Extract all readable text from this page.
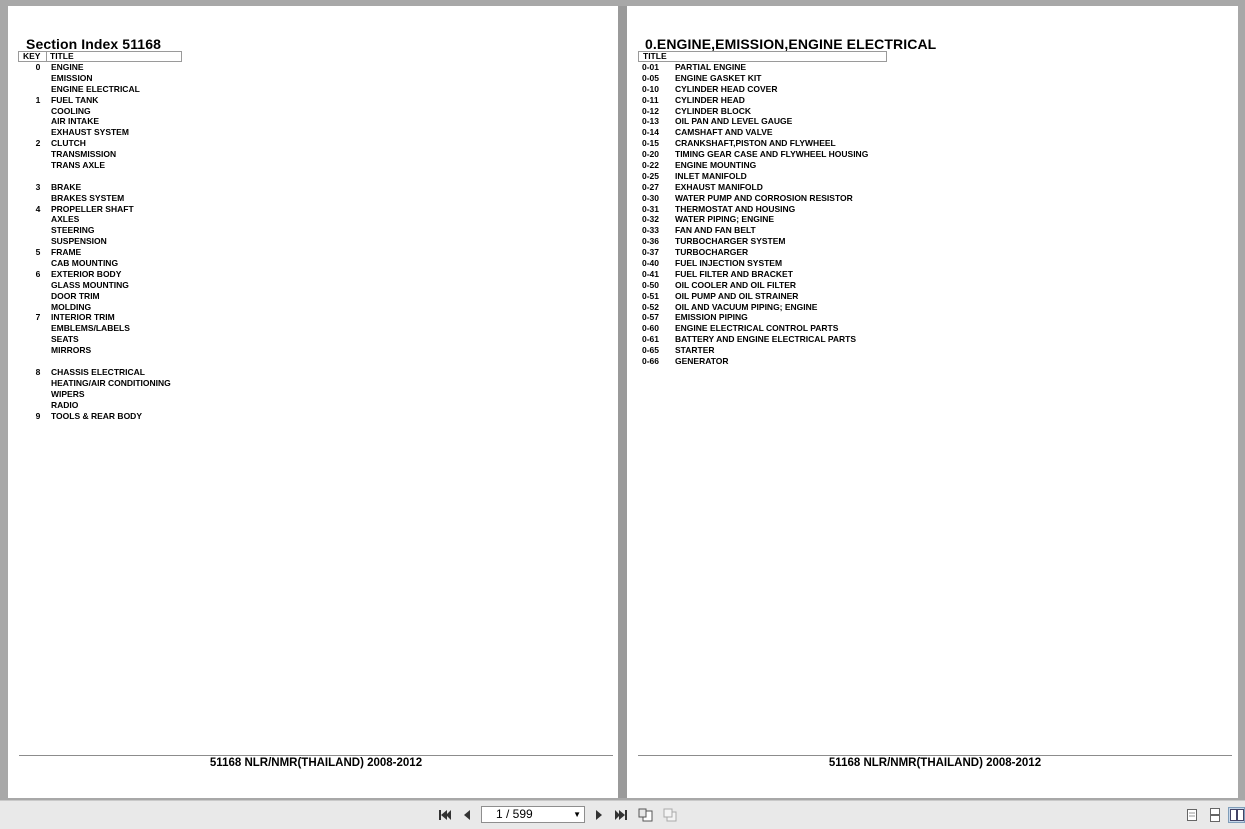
Section Index 51168
KEY TITLE
0	ENGINE
EMISSION
ENGINE ELECTRICAL
1	FUEL TANK
COOLING
AIR INTAKE
EXHAUST SYSTEM
2	CLUTCH
TRANSMISSION
TRANS AXLE
3	BRAKE
BRAKES SYSTEM
4	PROPELLER SHAFT
AXLES
STEERING
SUSPENSION
5	FRAME
CAB MOUNTING
6	EXTERIOR BODY
GLASS MOUNTING
DOOR TRIM
MOLDING
7	INTERIOR TRIM
EMBLEMS/LABELS
SEATS
MIRRORS
8	CHASSIS ELECTRICAL
HEATING/AIR CONDITIONING
WIPERS
RADIO
9	TOOLS & REAR BODY
51168 NLR/NMR(THAILAND) 2008-2012
0.ENGINE,EMISSION,ENGINE ELECTRICAL
TITLE
0-01	PARTIAL ENGINE
0-05	ENGINE GASKET KIT
0-10	CYLINDER HEAD COVER
0-11	CYLINDER HEAD
0-12	CYLINDER BLOCK
0-13	OIL PAN AND LEVEL GAUGE
0-14	CAMSHAFT AND VALVE
0-15	CRANKSHAFT,PISTON AND FLYWHEEL
0-20	TIMING GEAR CASE AND FLYWHEEL HOUSING
0-22	ENGINE MOUNTING
0-25	INLET MANIFOLD
0-27	EXHAUST MANIFOLD
0-30	WATER PUMP AND CORROSION RESISTOR
0-31	THERMOSTAT AND HOUSING
0-32	WATER PIPING; ENGINE
0-33	FAN AND FAN BELT
0-36	TURBOCHARGER SYSTEM
0-37	TURBOCHARGER
0-40	FUEL INJECTION SYSTEM
0-41	FUEL FILTER AND BRACKET
0-50	OIL COOLER AND OIL FILTER
0-51	OIL PUMP AND OIL STRAINER
0-52	OIL AND VACUUM PIPING; ENGINE
0-57	EMISSION PIPING
0-60	ENGINE ELECTRICAL CONTROL PARTS
0-61	BATTERY AND ENGINE ELECTRICAL PARTS
0-65	STARTER
0-66	GENERATOR
51168 NLR/NMR(THAILAND) 2008-2012
1 / 599	▼
